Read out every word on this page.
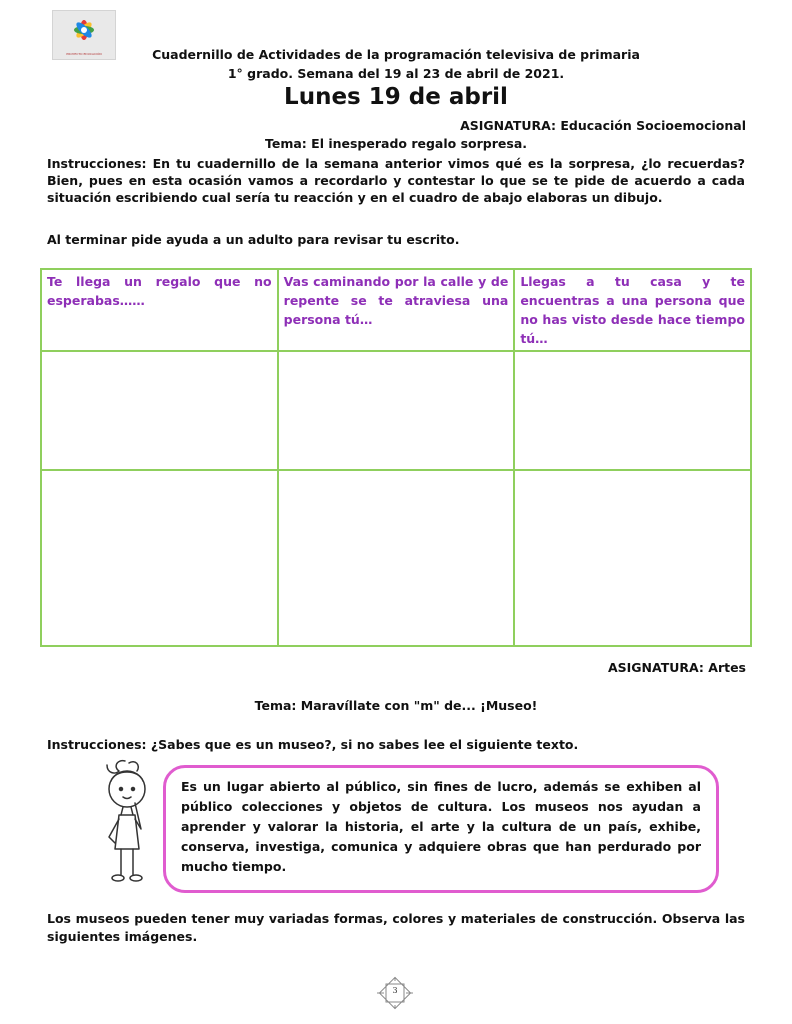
PROYECTO EDUCACIÓN	Cuadernillo de Actividades de la programación televisiva de primaria
1° grado. Semana del 19 al 23 de abril de 2021.
Lunes 19 de abril
ASIGNATURA: Educación Socioemocional
Tema: El inesperado regalo sorpresa.

Instrucciones: En tu cuadernillo de la semana anterior vimos qué es la sorpresa, ¿lo recuerdas? Bien, pues en esta ocasión vamos a recordarlo y contestar lo que se te pide de acuerdo a cada situación escribiendo cual sería tu reacción y en el cuadro de abajo elaboras un dibujo.

Al terminar pide ayuda a un adulto para revisar tu escrito.
Te llega un regalo que no esperabas……	Vas caminando por la calle y de repente se te atraviesa una persona tú…	Llegas a tu casa y te encuentras a una persona que no has visto desde hace tiempo tú…

ASIGNATURA: Artes
Tema: Maravíllate con "m" de... ¡Museo!
Instrucciones: ¿Sabes que es un museo?, si no sabes lee el siguiente texto.
Es un lugar abierto al público, sin fines de lucro, además se exhiben al público colecciones y objetos de cultura. Los museos nos ayudan a aprender y valorar la historia, el arte y la cultura de un país, exhibe, conserva, investiga, comunica y adquiere obras que han perdurado por mucho tiempo.

Los museos pueden tener muy variadas formas, colores y materiales de construcción. Observa las siguientes imágenes.

3
